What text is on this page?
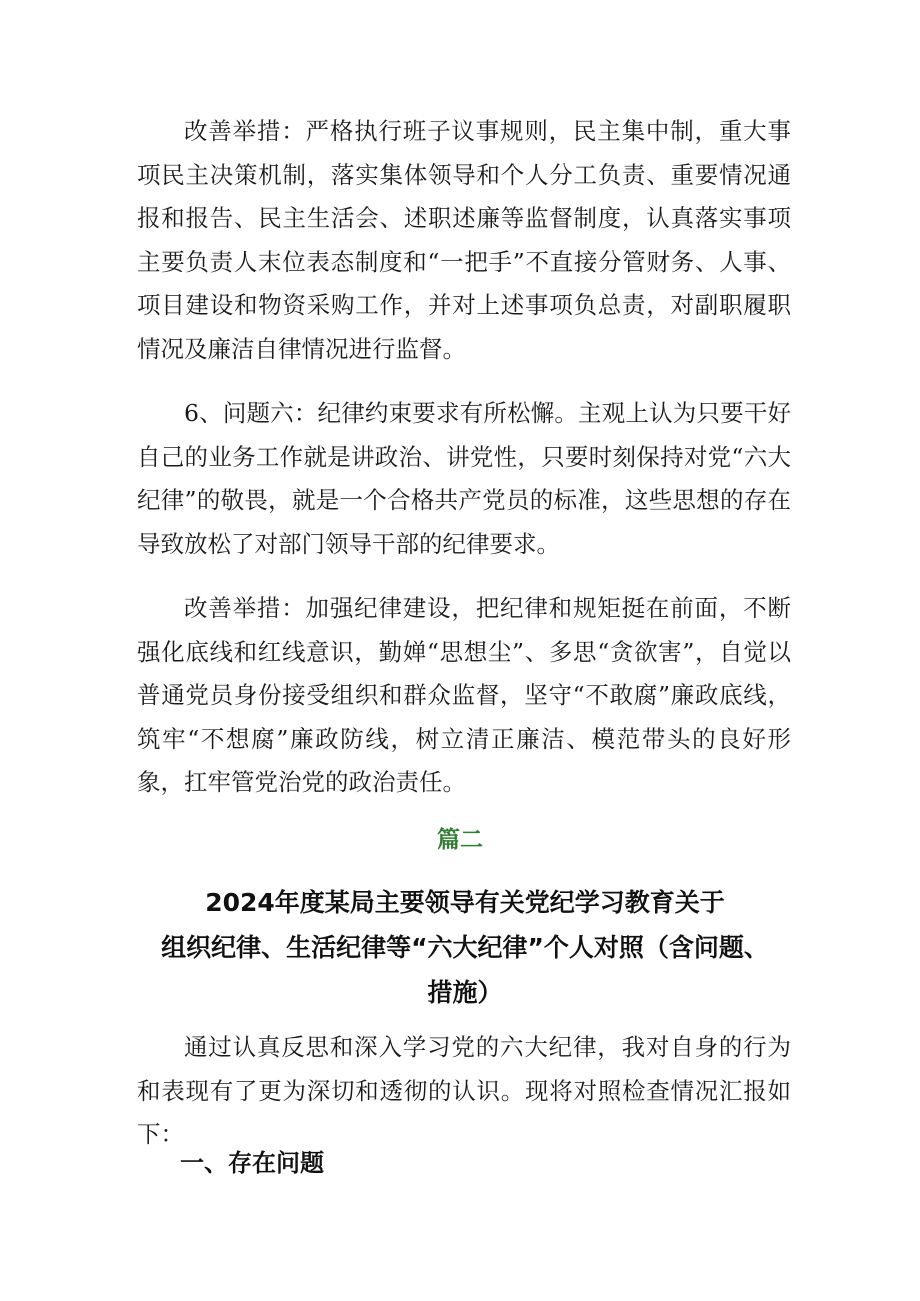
改善举措：严格执行班子议事规则，民主集中制，重大事项民主决策机制，落实集体领导和个人分工负责、重要情况通报和报告、民主生活会、述职述廉等监督制度，认真落实事项主要负责人末位表态制度和“一把手”不直接分管财务、人事、项目建设和物资采购工作，并对上述事项负总责，对副职履职情况及廉洁自律情况进行监督。

6、问题六：纪律约束要求有所松懈。主观上认为只要干好自己的业务工作就是讲政治、讲党性，只要时刻保持对党“六大纪律”的敬畏，就是一个合格共产党员的标准，这些思想的存在导致放松了对部门领导干部的纪律要求。

改善举措：加强纪律建设，把纪律和规矩挺在前面，不断强化底线和红线意识，勤婵“思想尘”、多思“贪欲害”，自觉以普通党员身份接受组织和群众监督，坚守“不敢腐”廉政底线，筑牢“不想腐”廉政防线，树立清正廉洁、模范带头的良好形象，扛牢管党治党的政治责任。

篇二

2024年度某局主要领导有关党纪学习教育关于
组织纪律、生活纪律等“六大纪律”个人对照（含问题、
措施）

通过认真反思和深入学习党的六大纪律，我对自身的行为和表现有了更为深切和透彻的认识。现将对照检查情况汇报如下：

一、存在问题
